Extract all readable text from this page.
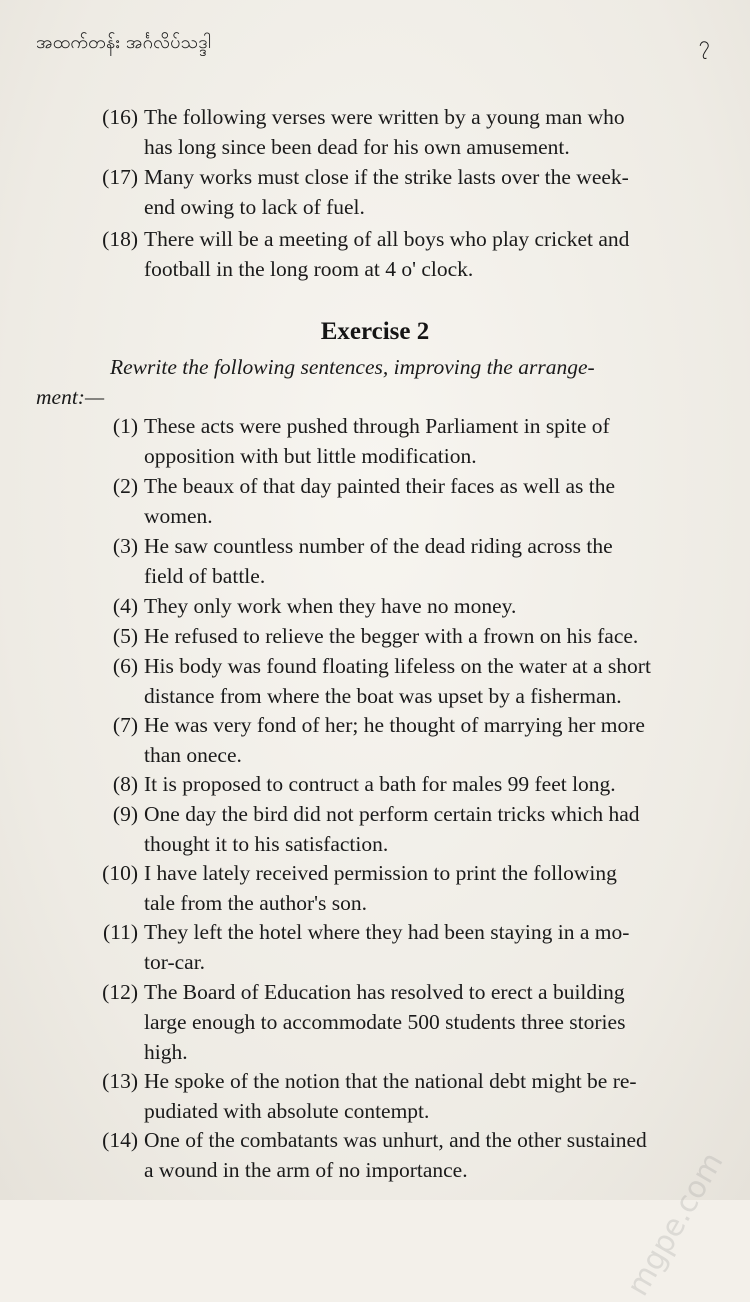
အထက်တန်း အင်္ဂလိပ်သဒ္ဒါ	၇
(16) The following verses were written by a young man who
has long since been dead for his own amusement.
(17) Many works must close if the strike lasts over the week-
end owing to lack of fuel.
(18) There will be a meeting of all boys who play cricket and
football in the long room at 4 o' clock.
Exercise 2
Rewrite the following sentences, improving the arrange-
ment:—
(1) These acts were pushed through Parliament in spite of
opposition with but little modification.
(2) The beaux of that day painted their faces as well as the
women.
(3) He saw countless number of the dead riding across the
field of battle.
(4) They only work when they have no money.
(5) He refused to relieve the begger with a frown on his face.
(6) His body was found floating lifeless on the water at a short
distance from where the boat was upset by a fisherman.
(7) He was very fond of her; he thought of marrying her more
than onece.
(8) It is proposed to contruct a bath for males 99 feet long.
(9) One day the bird did not perform certain tricks which had
thought it to his satisfaction.
(10) I have lately received permission to print the following
tale from the author's son.
(11) They left the hotel where they had been staying in a mo-
tor-car.
(12) The Board of Education has resolved to erect a building
large enough to accommodate 500 students three stories
high.
(13) He spoke of the notion that the national debt might be re-
pudiated with absolute contempt.
(14) One of the combatants was unhurt, and the other sustained
a wound in the arm of no importance.	mgpe.com
